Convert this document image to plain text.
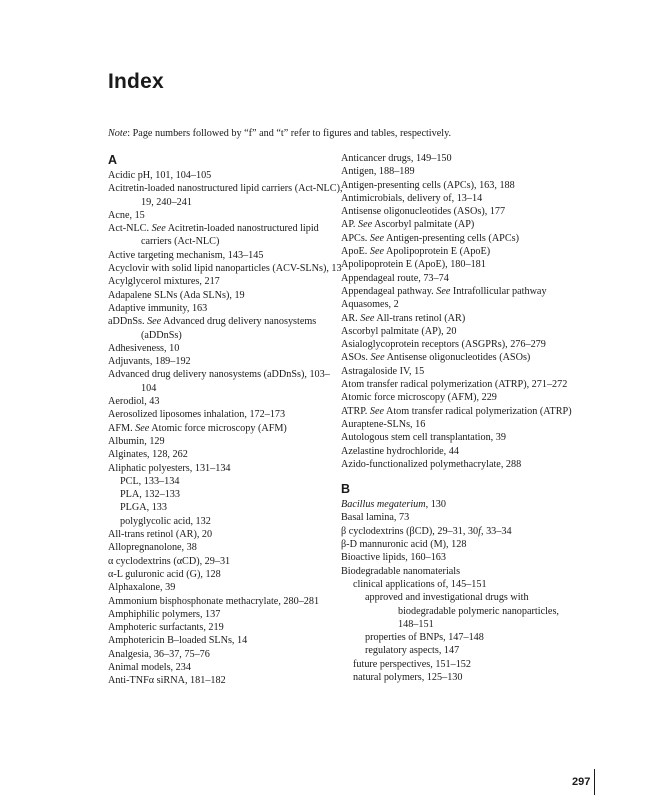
Index
Note: Page numbers followed by “f” and “t” refer to figures and tables, respectively.
A
Acidic pH, 101, 104–105
Acitretin-loaded nanostructured lipid carriers (Act-NLC), 19, 240–241
Acne, 15
Act-NLC. See Acitretin-loaded nanostructured lipid carriers (Act-NLC)
Active targeting mechanism, 143–145
Acyclovir with solid lipid nanoparticles (ACV-SLNs), 13
Acylglycerol mixtures, 217
Adapalene SLNs (Ada SLNs), 19
Adaptive immunity, 163
aDDnSs. See Advanced drug delivery nanosystems (aDDnSs)
Adhesiveness, 10
Adjuvants, 189–192
Advanced drug delivery nanosystems (aDDnSs), 103–104
Aerodiol, 43
Aerosolized liposomes inhalation, 172–173
AFM. See Atomic force microscopy (AFM)
Albumin, 129
Alginates, 128, 262
Aliphatic polyesters, 131–134
PCL, 133–134
PLA, 132–133
PLGA, 133
polyglycolic acid, 132
All-trans retinol (AR), 20
Allopregnanolone, 38
α cyclodextrins (αCD), 29–31
α-L guluronic acid (G), 128
Alphaxalone, 39
Ammonium bisphosphonate methacrylate, 280–281
Amphiphilic polymers, 137
Amphoteric surfactants, 219
Amphotericin B–loaded SLNs, 14
Analgesia, 36–37, 75–76
Animal models, 234
Anti-TNFα siRNA, 181–182
Anticancer drugs, 149–150
Antigen, 188–189
Antigen-presenting cells (APCs), 163, 188
Antimicrobials, delivery of, 13–14
Antisense oligonucleotides (ASOs), 177
AP. See Ascorbyl palmitate (AP)
APCs. See Antigen-presenting cells (APCs)
ApoE. See Apolipoprotein E (ApoE)
Apolipoprotein E (ApoE), 180–181
Appendageal route, 73–74
Appendageal pathway. See Intrafollicular pathway
Aquasomes, 2
AR. See All-trans retinol (AR)
Ascorbyl palmitate (AP), 20
Asialoglycoprotein receptors (ASGPRs), 276–279
ASOs. See Antisense oligonucleotides (ASOs)
Astragaloside IV, 15
Atom transfer radical polymerization (ATRP), 271–272
Atomic force microscopy (AFM), 229
ATRP. See Atom transfer radical polymerization (ATRP)
Auraptene-SLNs, 16
Autologous stem cell transplantation, 39
Azelastine hydrochloride, 44
Azido-functionalized polymethacrylate, 288
B
Bacillus megaterium, 130
Basal lamina, 73
β cyclodextrins (βCD), 29–31, 30f, 33–34
β-D mannuronic acid (M), 128
Bioactive lipids, 160–163
Biodegradable nanomaterials
clinical applications of, 145–151
approved and investigational drugs with biodegradable polymeric nanoparticles, 148–151
properties of BNPs, 147–148
regulatory aspects, 147
future perspectives, 151–152
natural polymers, 125–130
297
